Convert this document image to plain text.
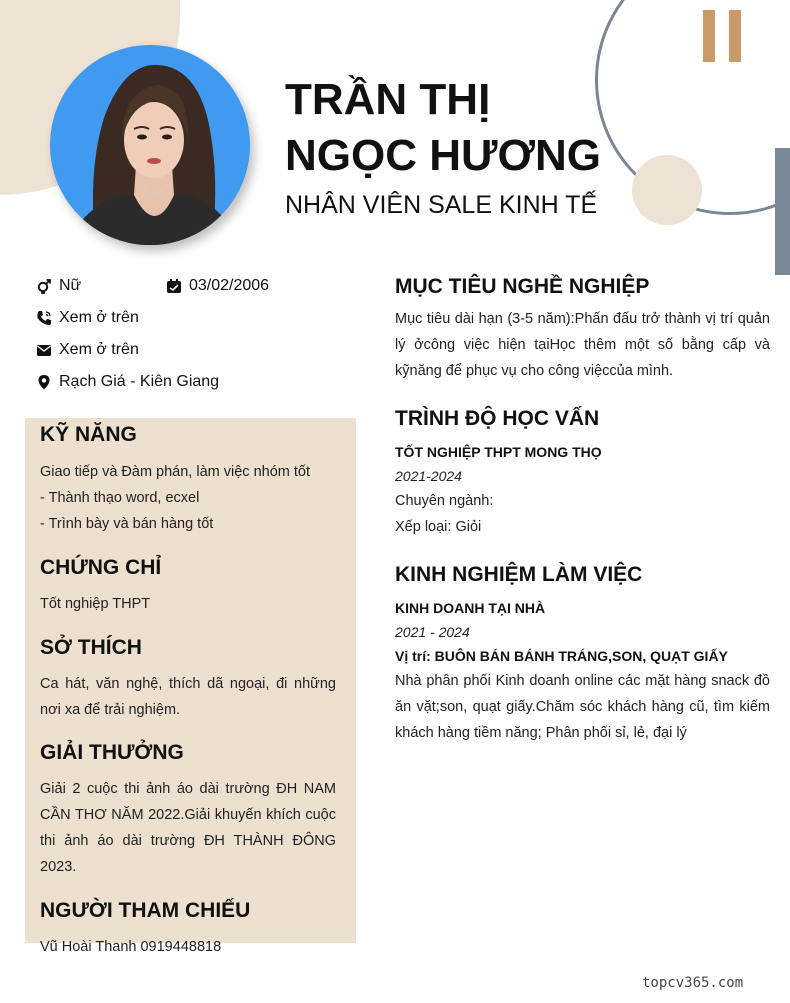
TRẦN THỊ
NGỌC HƯƠNG
NHÂN VIÊN SALE KINH TẾ
Nữ	03/02/2006
Xem ở trên
Xem ở trên
Rạch Giá - Kiên Giang
KỸ NĂNG
Giao tiếp và Đàm phán, làm việc nhóm tốt
- Thành thạo word, ecxel
- Trình bày và bán hàng tốt
CHỨNG CHỈ
Tốt nghiệp THPT
SỞ THÍCH
Ca hát, văn nghệ, thích dã ngoại, đi những nơi xa để trải nghiệm.
GIẢI THƯỞNG
Giải 2 cuộc thi ảnh áo dài trường ĐH NAM CẦN THƠ NĂM 2022.Giải khuyến khích cuộc thi ảnh áo dài trường ĐH THÀNH ĐÔNG 2023.
NGƯỜI THAM CHIẾU
Vũ Hoài Thanh 0919448818
MỤC TIÊU NGHỀ NGHIỆP
Mục tiêu dài hạn (3-5 năm):Phấn đấu trở thành vị trí quản lý ởcông việc hiện tạiHọc thêm một số bằng cấp và kỹnăng để phục vụ cho công việccủa mình.
TRÌNH ĐỘ HỌC VẤN
TỐT NGHIỆP THPT MONG THỌ
2021-2024
Chuyên ngành:
Xếp loại: Giỏi
KINH NGHIỆM LÀM VIỆC
KINH DOANH TẠI NHÀ
2021 - 2024
Vị trí: BUÔN BÁN BÁNH TRÁNG,SON, QUẠT GIẤY
Nhà phân phối Kinh doanh online các mặt hàng snack đồ ăn vặt;son, quạt giấy.Chăm sóc khách hàng cũ, tìm kiếm khách hàng tiềm năng; Phân phối sỉ, lẻ, đại lý
topcv365.com
